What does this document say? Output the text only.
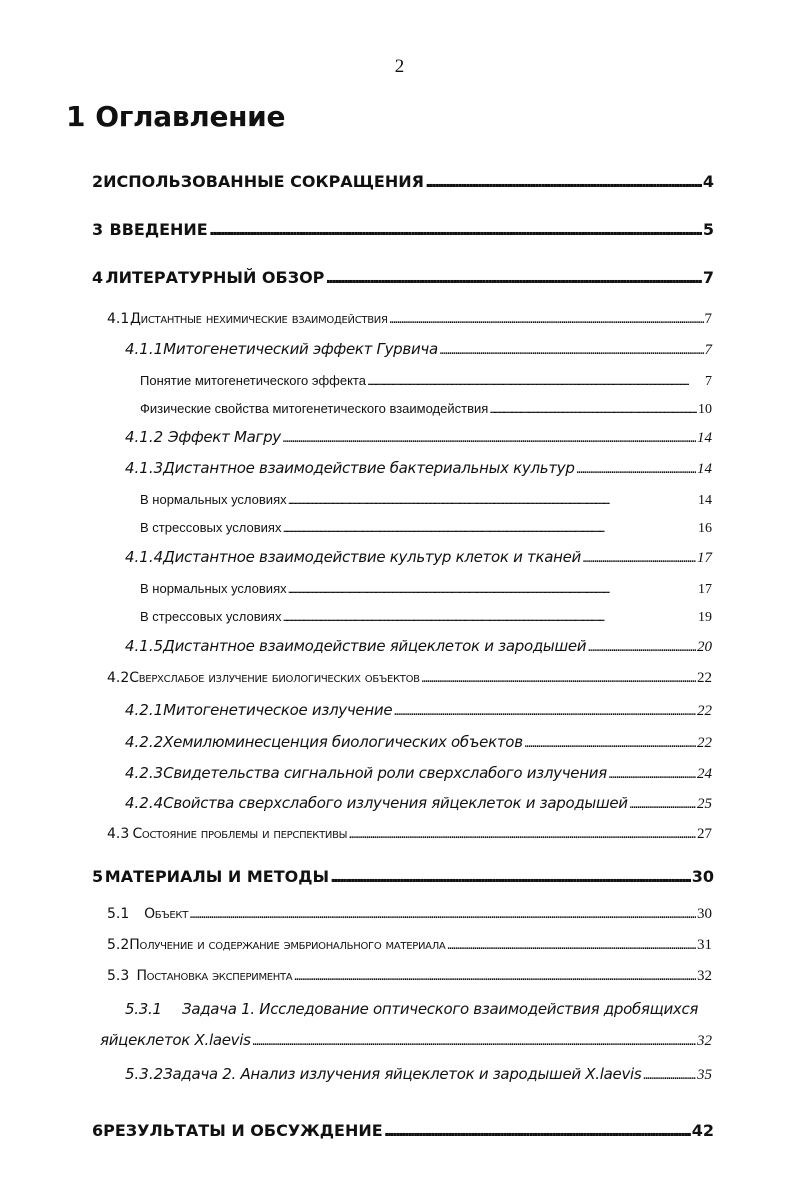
2
1 Оглавление
2 ИСПОЛЬЗОВАННЫЕ СОКРАЩЕНИЯ .....	4
3 ВВЕДЕНИЕ .....	5
4 ЛИТЕРАТУРНЫЙ ОБЗОР .....	7
4.1 Дистантные нехимические взаимодействия .....	7
4.1.1 Митогенетический эффект Гурвича .....	7
Понятие митогенетического эффекта .....	7
Физические свойства митогенетического взаимодействия .....	10
4.1.2 Эффект Магру .....	14
4.1.3 Дистантное взаимодействие бактериальных культур .....	14
В нормальных условиях .....	14
В стрессовых условиях .....	16
4.1.4 Дистантное взаимодействие культур клеток и тканей .....	17
В нормальных условиях .....	17
В стрессовых условиях .....	19
4.1.5 Дистантное взаимодействие яйцеклеток и зародышей .....	20
4.2 Сверхслабое излучение биологических объектов .....	22
4.2.1 Митогенетическое излучение .....	22
4.2.2 Хемилюминесценция биологических объектов .....	22
4.2.3 Свидетельства сигнальной роли сверхслабого излучения .....	24
4.2.4 Свойства сверхслабого излучения яйцеклеток и зародышей .....	25
4.3 Состояние проблемы и перспективы .....	27
5 МАТЕРИАЛЫ И МЕТОДЫ .....	30
5.1	Объект .....	30
5.2 Получение и содержание эмбрионального материала .....	31
5.3 Постановка эксперимента .....	32
5.3.1 Задача 1. Исследование оптического взаимодействия дробящихся
яйцеклеток X.laevis .....	32
5.3.2 Задача 2. Анализ излучения яйцеклеток и зародышей X.laevis .....	35
6 РЕЗУЛЬТАТЫ И ОБСУЖДЕНИЕ .....	42
